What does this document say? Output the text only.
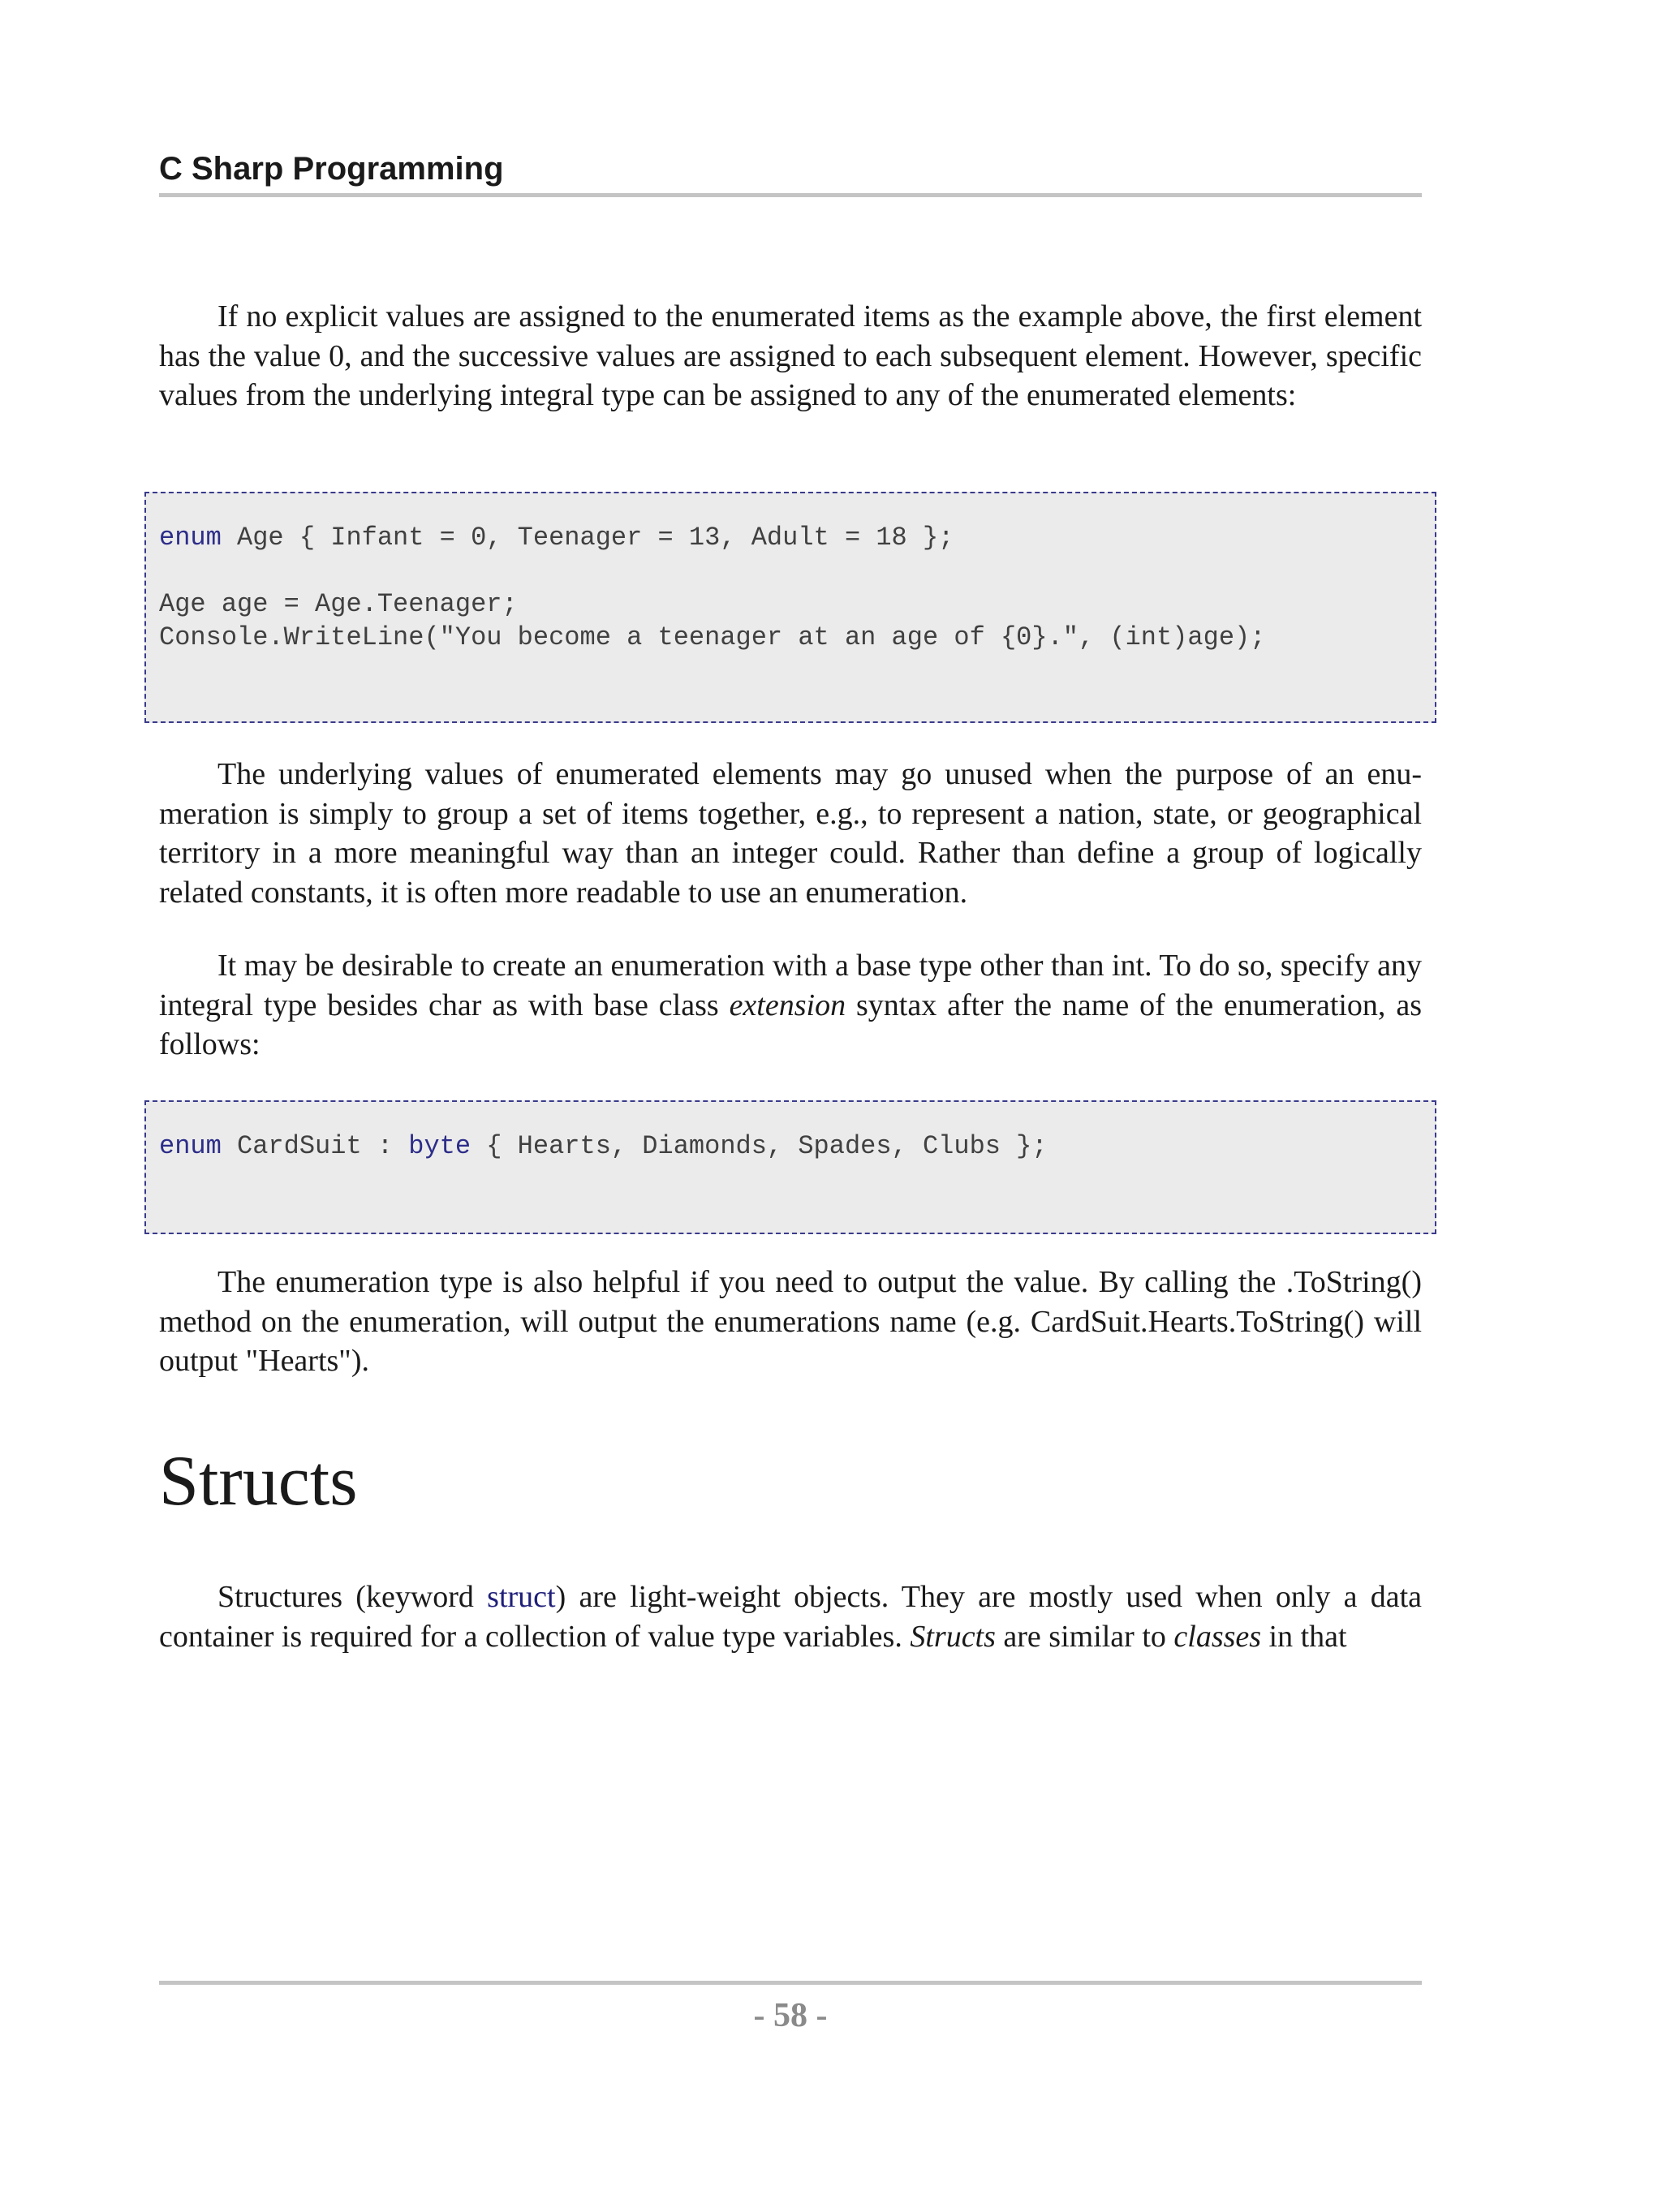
C Sharp Programming

If no explicit values are assigned to the enumerated items as the example above, the first element has the value 0, and the successive values are assigned to each subsequent element. However, specific values from the underlying integral type can be assigned to any of the enumerated elements:

The underlying values of enumerated elements may go unused when the purpose of an enumeration is simply to group a set of items together, e.g., to represent a nation, state, or geographical territory in a more meaningful way than an integer could. Rather than define a group of logically related constants, it is often more readable to use an enumeration.

It may be desirable to create an enumeration with a base type other than int. To do so, specify any integral type besides char as with base class extension syntax after the name of the enumeration, as follows:

The enumeration type is also helpful if you need to output the value. By calling the .ToString() method on the enumeration, will output the enumerations name (e.g. CardSuit.Hearts.ToString() will output "Hearts").

Structures (keyword struct) are light-weight objects. They are mostly used when only a data container is required for a collection of value type variables. Structs are similar to classes in that

enum Age { Infant = 0, Teenager = 13, Adult = 18 };
Age age = Age.Teenager;
Console.WriteLine("You become a teenager at an age of {0}.", (int)age);
enum CardSuit : byte { Hearts, Diamonds, Spades, Clubs };
Structs
- 58 -
